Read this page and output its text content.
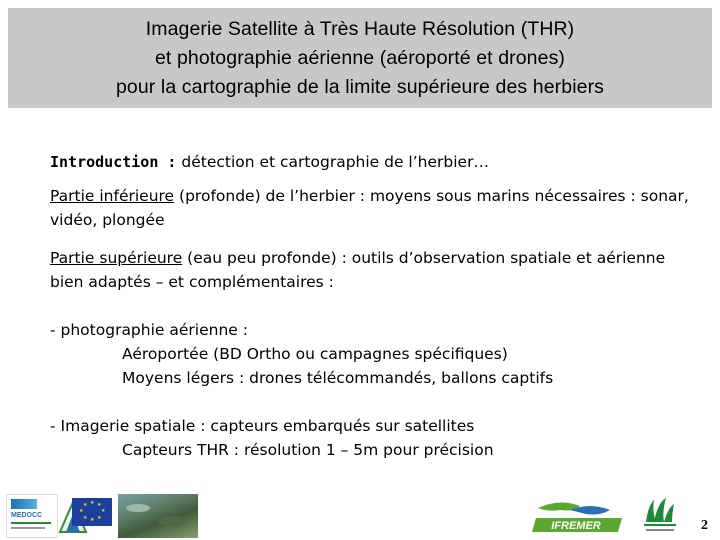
Imagerie Satellite à Très Haute Résolution (THR)
et photographie aérienne (aéroporté et drones)
pour la cartographie de la limite supérieure des herbiers

Introduction : détection et cartographie de l’herbier…

Partie inférieure (profonde) de l’herbier : moyens sous marins nécessaires : sonar, vidéo, plongée

Partie supérieure (eau peu profonde) : outils d’observation spatiale et aérienne bien adaptés – et complémentaires :

- photographie aérienne :

Aéroportée (BD Ortho ou campagnes spécifiques)

Moyens légers : drones télécommandés, ballons captifs

- Imagerie spatiale : capteurs embarqués sur satellites

Capteurs THR : résolution 1 – 5m pour précision

MEDOCC
★ ★
★
★
★
★
★
★
IFREMER	2
